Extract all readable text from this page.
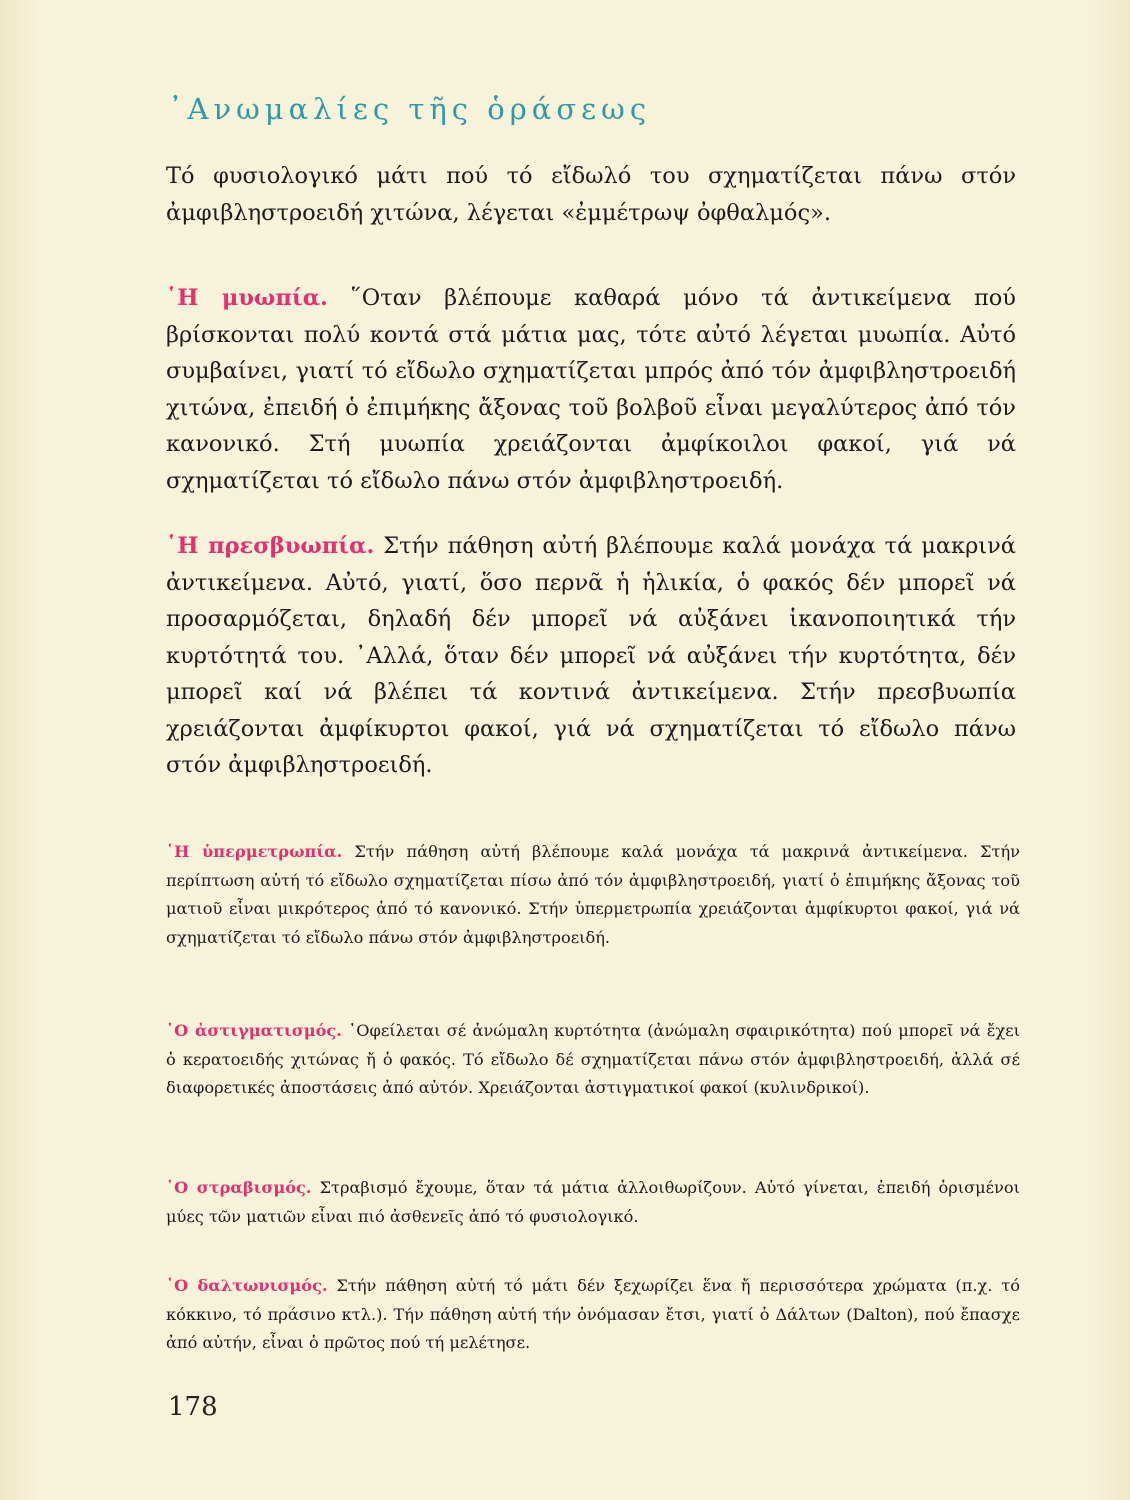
᾿Ανωμαλίες τῆς ὁράσεως

Τό φυσιολογικό μάτι πού τό εἴδωλό του σχηματίζεται πάνω στόν ἀμφιβληστροειδή χιτώνα, λέγεται «ἐμμέτρωψ ὀφθαλμός».

῾Η μυωπία. ῞Οταν βλέπουμε καθαρά μόνο τά ἀντικείμενα πού βρίσκονται πολύ κοντά στά μάτια μας, τότε αὐτό λέγεται μυωπία. Αὐτό συμβαίνει, γιατί τό εἴδωλο σχηματίζεται μπρός ἀπό τόν ἀμφιβληστροειδή χιτώνα, ἐπειδή ὁ ἐπιμήκης ἄξονας τοῦ βολβοῦ εἶναι μεγαλύτερος ἀπό τόν κανονικό. Στή μυωπία χρειάζονται ἀμφίκοιλοι φακοί, γιά νά σχηματίζεται τό εἴδωλο πάνω στόν ἀμφιβληστροειδή.

῾Η πρεσβυωπία. Στήν πάθηση αὐτή βλέπουμε καλά μονάχα τά μακρινά ἀντικείμενα. Αὐτό, γιατί, ὅσο περνᾶ ἡ ἡλικία, ὁ φακός δέν μπορεῖ νά προσαρμόζεται, δηλαδή δέν μπορεῖ νά αὐξάνει ἱκανοποιητικά τήν κυρτότητά του. ᾿Αλλά, ὅταν δέν μπορεῖ νά αὐξάνει τήν κυρτότητα, δέν μπορεῖ καί νά βλέπει τά κοντινά ἀντικείμενα. Στήν πρεσβυωπία χρειάζονται ἀμφίκυρτοι φακοί, γιά νά σχηματίζεται τό εἴδωλο πάνω στόν ἀμφιβληστροειδή.

῾Η ὑπερμετρωπία. Στήν πάθηση αὐτή βλέπουμε καλά μονάχα τά μακρινά ἀντικείμενα. Στήν περίπτωση αὐτή τό εἴδωλο σχηματίζεται πίσω ἀπό τόν ἀμφιβληστροειδή, γιατί ὁ ἐπιμήκης ἄξονας τοῦ ματιοῦ εἶναι μικρότερος ἀπό τό κανονικό. Στήν ὑπερμετρωπία χρειάζονται ἀμφίκυρτοι φακοί, γιά νά σχηματίζεται τό εἴδωλο πάνω στόν ἀμφιβληστροειδή.

῾Ο ἀστιγματισμός. ᾿Οφείλεται σέ ἀνώμαλη κυρτότητα (ἀνώμαλη σφαιρικότητα) πού μπορεῖ νά ἔχει ὁ κερατοειδής χιτώνας ἤ ὁ φακός. Τό εἴδωλο δέ σχηματίζεται πάνω στόν ἀμφιβληστροειδή, ἀλλά σέ διαφορετικές ἀποστάσεις ἀπό αὐτόν. Χρειάζονται ἀστιγματικοί φακοί (κυλινδρικοί).

῾Ο στραβισμός. Στραβισμό ἔχουμε, ὅταν τά μάτια ἀλλοιθωρίζουν. Αὐτό γίνεται, ἐπειδή ὁρισμένοι μύες τῶν ματιῶν εἶναι πιό ἀσθενεῖς ἀπό τό φυσιολογικό.

῾Ο δαλτωνισμός. Στήν πάθηση αὐτή τό μάτι δέν ξεχωρίζει ἕνα ἤ περισσότερα χρώματα (π.χ. τό κόκκινο, τό πράσινο κτλ.). Τήν πάθηση αὐτή τήν ὀνόμασαν ἔτσι, γιατί ὁ Δάλτων (Dalton), πού ἔπασχε ἀπό αὐτήν, εἶναι ὁ πρῶτος πού τή μελέτησε.

178
